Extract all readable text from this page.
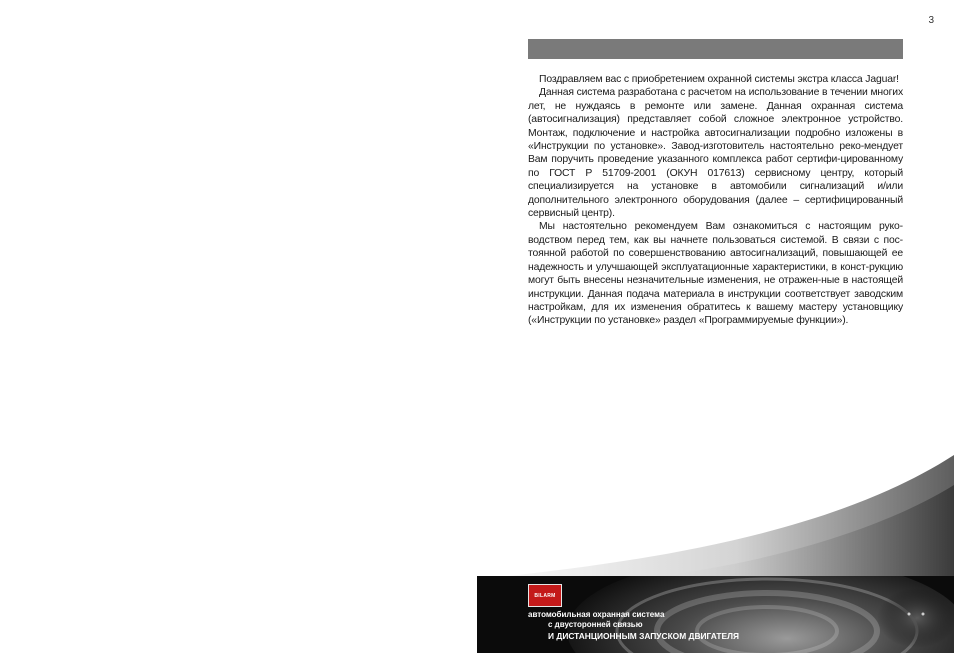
3

Поздравляем вас с приобретением охранной системы экстра класса Jaguar!

Данная система разработана с расчетом на использование в течении многих лет, не нуждаясь в ремонте или замене. Данная охранная система (автосигнализация) представляет собой сложное электронное устройство. Монтаж, подключение и настройка автосигнализации подробно изложены в «Инструкции по установке». Завод-изготовитель настоятельно реко-мендует Вам поручить проведение указанного комплекса работ сертифи-цированному по ГОСТ Р 51709-2001 (ОКУН 017613) сервисному центру, который специализируется на установке в автомобили сигнализаций и/или дополнительного электронного оборудования (далее – сертифицированный сервисный центр).

Мы настоятельно рекомендуем Вам ознакомиться с настоящим руко-водством перед тем, как вы начнете пользоваться системой. В связи с пос-тоянной работой по совершенствованию автосигнализаций, повышающей ее надежность и улучшающей эксплуатационные характеристики, в конст-рукцию могут быть внесены незначительные изменения, не отражен-ные в настоящей инструкции. Данная подача материала в инструкции соответствует заводским настройкам, для их изменения обратитесь к вашему мастеру установщику («Инструкции по установке» раздел «Программируемые функции»).

BILARM
автомобильная охранная система
с двусторонней связью
И ДИСТАНЦИОННЫМ ЗАПУСКОМ ДВИГАТЕЛЯ
